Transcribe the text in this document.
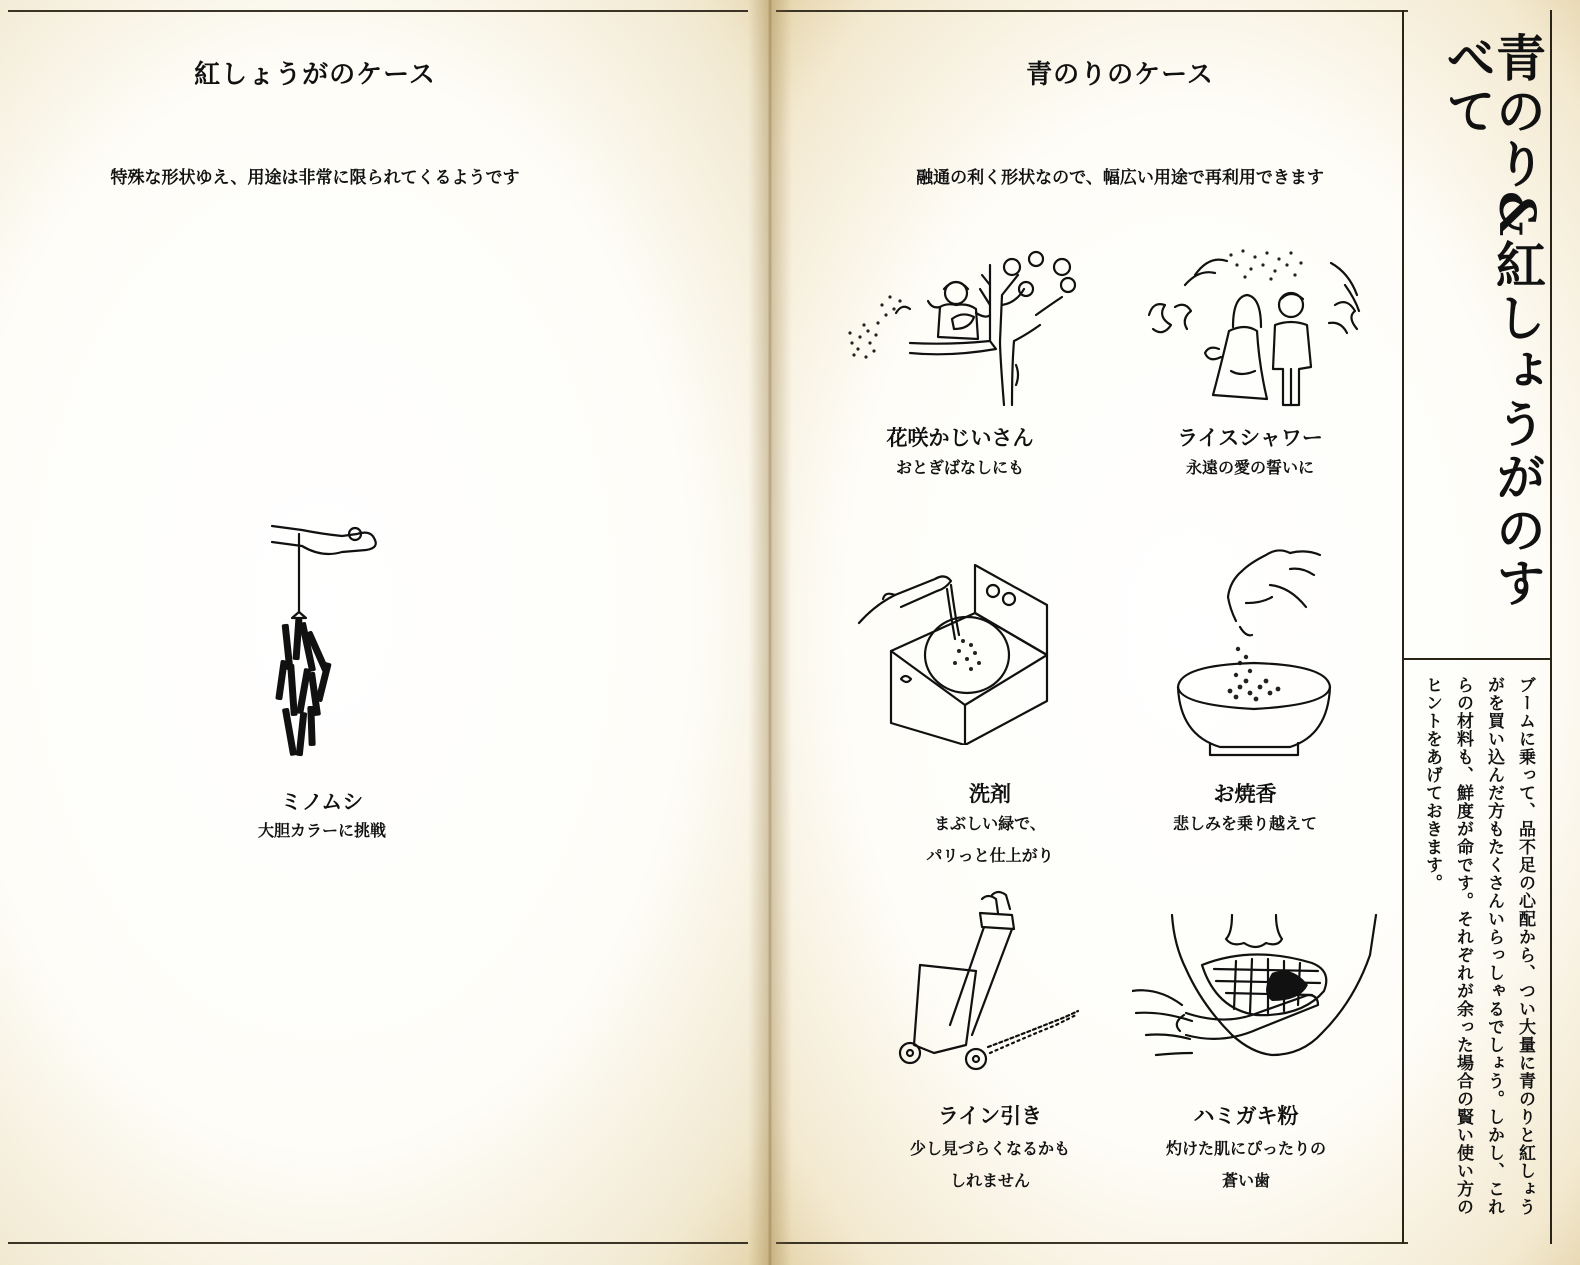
紅しょうがのケース
特殊な形状ゆえ、用途は非常に限られてくるようです
ミノムシ
大胆カラーに挑戦
青のりのケース
融通の利く形状なので、幅広い用途で再利用できます
花咲かじいさん
おとぎばなしにも
ライスシャワー
永遠の愛の誓いに
洗剤
まぶしい緑で、
パリっと仕上がり
お焼香
悲しみを乗り越えて
ライン引き
少し見づらくなるかも
しれません
ハミガキ粉
灼けた肌にぴったりの
蒼い歯
青のり&紅しょうがのすべて
ブームに乗って、品不足の心配から、つい大量に青のりと紅しょうがを買い込んだ方もたくさんいらっしゃるでしょう。しかし、これらの材料も、鮮度が命です。それぞれが余った場合の賢い使い方のヒントをあげておきます。
